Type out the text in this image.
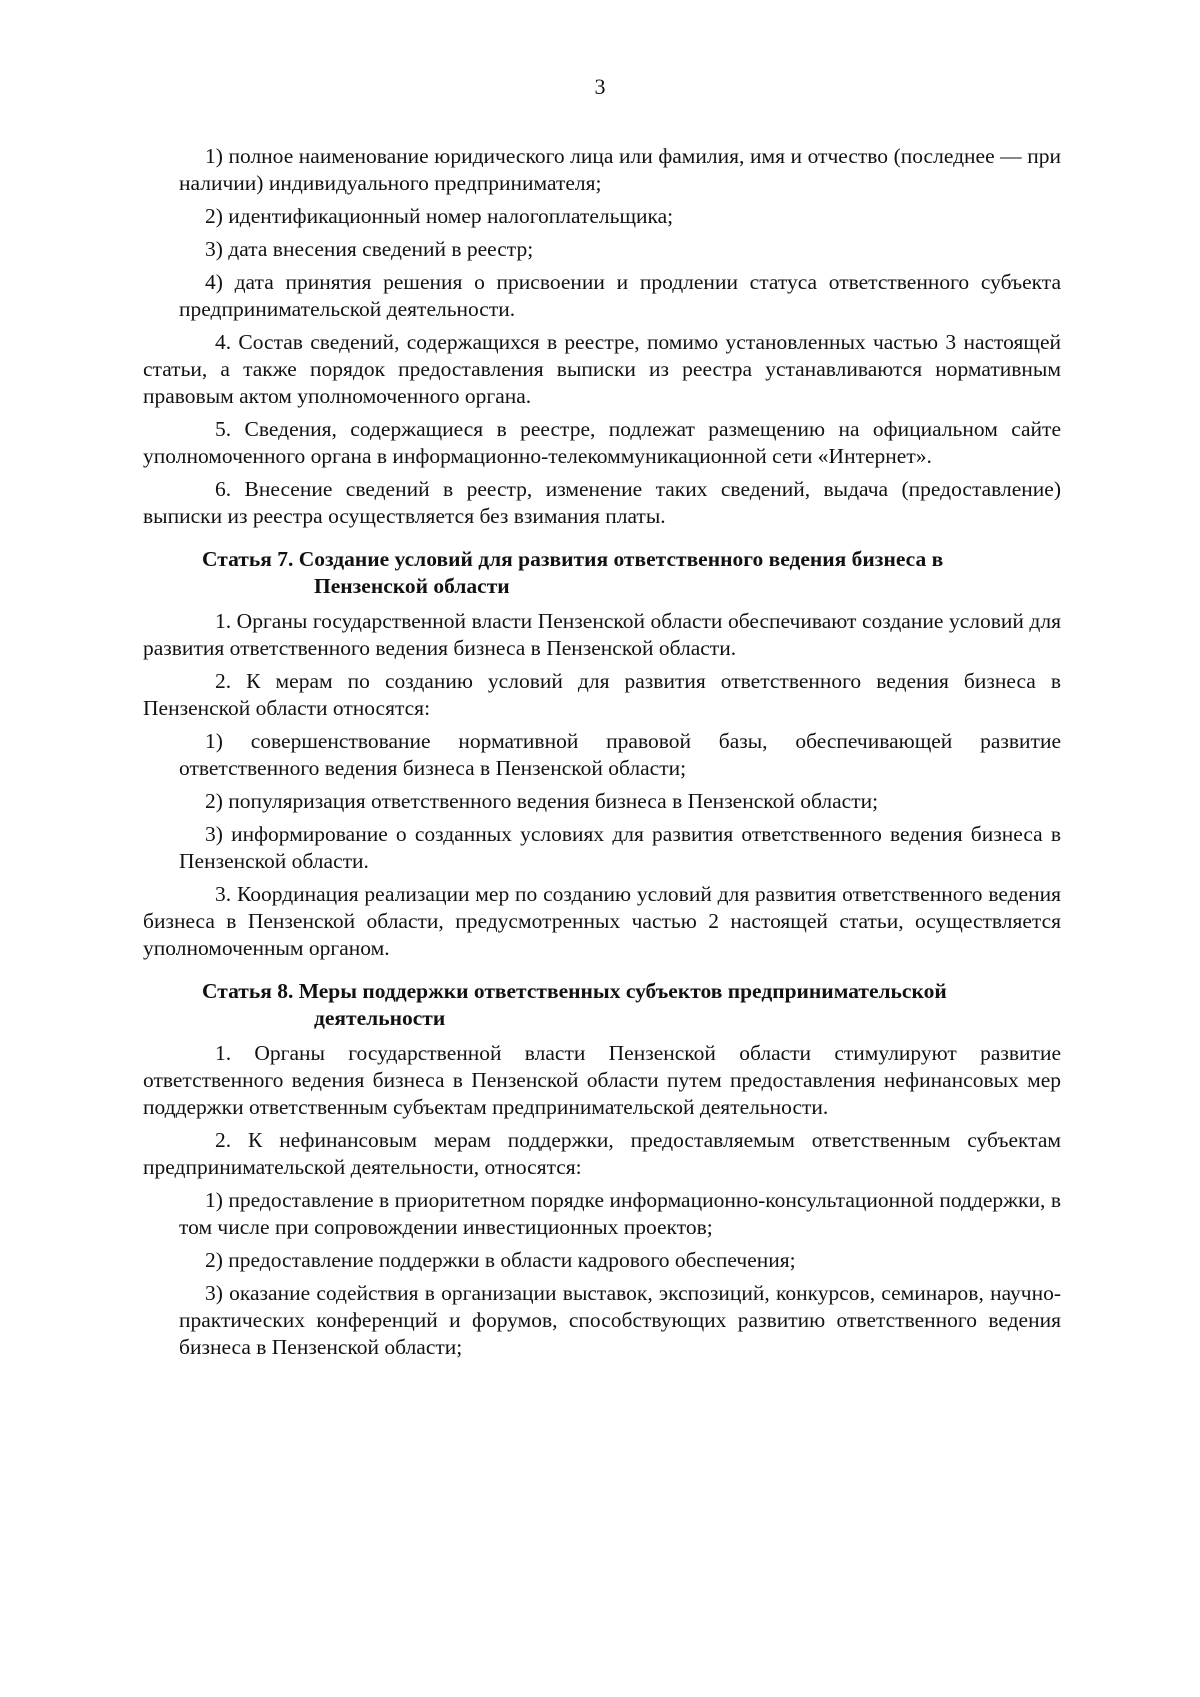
3

1) полное наименование юридического лица или фамилия, имя и отчество (последнее — при наличии) индивидуального предпринимателя;

2) идентификационный номер налогоплательщика;

3) дата внесения сведений в реестр;

4) дата принятия решения о присвоении и продлении статуса ответственного субъекта предпринимательской деятельности.

4. Состав сведений, содержащихся в реестре, помимо установленных частью 3 настоящей статьи, а также порядок предоставления выписки из реестра устанавливаются нормативным правовым актом уполномоченного органа.

5. Сведения, содержащиеся в реестре, подлежат размещению на официальном сайте уполномоченного органа в информационно-телекоммуникационной сети «Интернет».

6. Внесение сведений в реестр, изменение таких сведений, выдача (предоставление) выписки из реестра осуществляется без взимания платы.

Статья 7. Создание условий для развития ответственного ведения бизнеса в
Пензенской области

1. Органы государственной власти Пензенской области обеспечивают создание условий для развития ответственного ведения бизнеса в Пензенской области.

2. К мерам по созданию условий для развития ответственного ведения бизнеса в Пензенской области относятся:

1) совершенствование нормативной правовой базы, обеспечивающей развитие ответственного ведения бизнеса в Пензенской области;

2) популяризация ответственного ведения бизнеса в Пензенской области;

3) информирование о созданных условиях для развития ответственного ведения бизнеса в Пензенской области.

3. Координация реализации мер по созданию условий для развития ответственного ведения бизнеса в Пензенской области, предусмотренных частью 2 настоящей статьи, осуществляется уполномоченным органом.

Статья 8. Меры поддержки ответственных субъектов предпринимательской
деятельности

1. Органы государственной власти Пензенской области стимулируют развитие ответственного ведения бизнеса в Пензенской области путем предоставления нефинансовых мер поддержки ответственным субъектам предпринимательской деятельности.

2. К нефинансовым мерам поддержки, предоставляемым ответственным субъектам предпринимательской деятельности, относятся:

1) предоставление в приоритетном порядке информационно-консультационной поддержки, в том числе при сопровождении инвестиционных проектов;

2) предоставление поддержки в области кадрового обеспечения;

3) оказание содействия в организации выставок, экспозиций, конкурсов, семинаров, научно-практических конференций и форумов, способствующих развитию ответственного ведения бизнеса в Пензенской области;
